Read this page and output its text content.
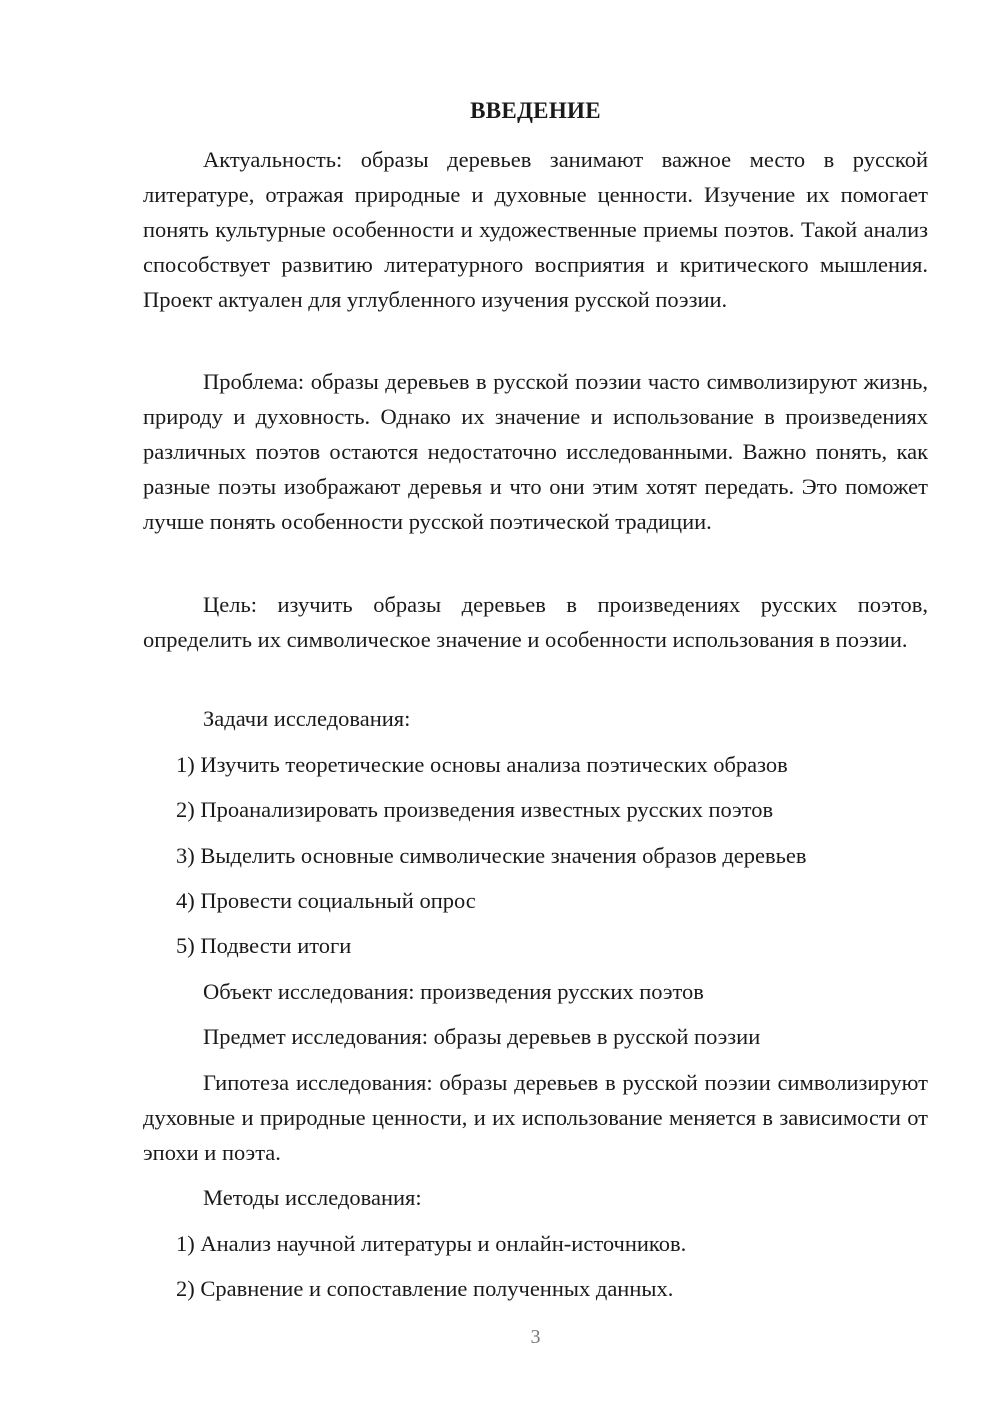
ВВЕДЕНИЕ

Актуальность: образы деревьев занимают важное место в русской литературе, отражая природные и духовные ценности. Изучение их помогает понять культурные особенности и художественные приемы поэтов. Такой анализ способствует развитию литературного восприятия и критического мышления. Проект актуален для углубленного изучения русской поэзии.

Проблема: образы деревьев в русской поэзии часто символизируют жизнь, природу и духовность. Однако их значение и использование в произведениях различных поэтов остаются недостаточно исследованными. Важно понять, как разные поэты изображают деревья и что они этим хотят передать. Это поможет лучше понять особенности русской поэтической традиции.

Цель: изучить образы деревьев в произведениях русских поэтов, определить их символическое значение и особенности использования в поэзии.

Задачи исследования:

1) Изучить теоретические основы анализа поэтических образов

2) Проанализировать произведения известных русских поэтов

3) Выделить основные символические значения образов деревьев

4) Провести социальный опрос

5) Подвести итоги

Объект исследования: произведения русских поэтов

Предмет исследования: образы деревьев в русской поэзии

Гипотеза исследования: образы деревьев в русской поэзии символизируют духовные и природные ценности, и их использование меняется в зависимости от эпохи и поэта.

Методы исследования:

1) Анализ научной литературы и онлайн-источников.

2) Сравнение и сопоставление полученных данных.

3
